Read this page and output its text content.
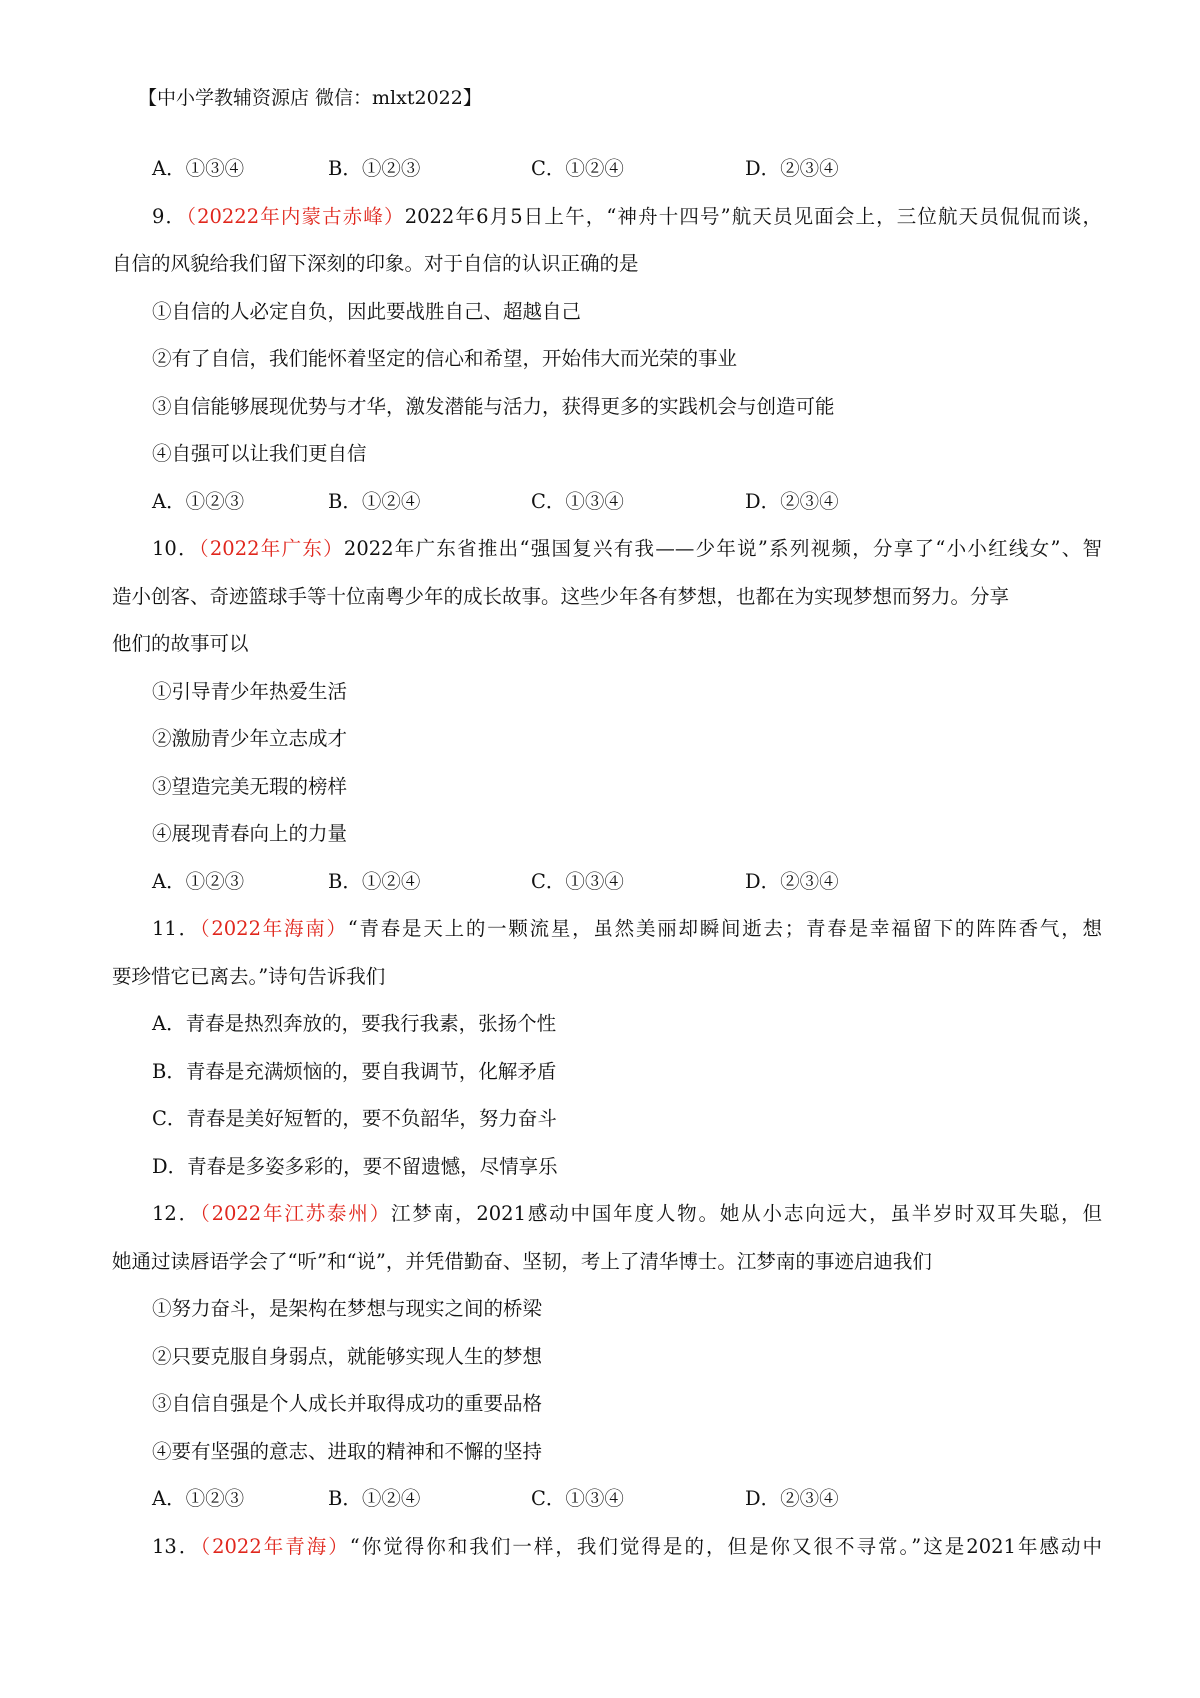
【中小学教辅资源店 微信：mlxt2022】
A．①③④	B．①②③	C．①②④	D．②③④
9．（20222年内蒙古赤峰）2022年6月5日上午，“神舟十四号”航天员见面会上，三位航天员侃侃而谈，
自信的风貌给我们留下深刻的印象。对于自信的认识正确的是
①自信的人必定自负，因此要战胜自己、超越自己
②有了自信，我们能怀着坚定的信心和希望，开始伟大而光荣的事业
③自信能够展现优势与才华，激发潜能与活力，获得更多的实践机会与创造可能
④自强可以让我们更自信
A．①②③	B．①②④	C．①③④	D．②③④
10．（2022年广东）2022年广东省推出“强国复兴有我——少年说”系列视频，分享了“小小红线女”、智
造小创客、奇迹篮球手等十位南粤少年的成长故事。这些少年各有梦想，也都在为实现梦想而努力。分享
他们的故事可以
①引导青少年热爱生活
②激励青少年立志成才
③望造完美无瑕的榜样
④展现青春向上的力量
A．①②③	B．①②④	C．①③④	D．②③④
11．（2022年海南）“青春是天上的一颗流星，虽然美丽却瞬间逝去；青春是幸福留下的阵阵香气，想
要珍惜它已离去。”诗句告诉我们
A．青春是热烈奔放的，要我行我素，张扬个性
B．青春是充满烦恼的，要自我调节，化解矛盾
C．青春是美好短暂的，要不负韶华，努力奋斗
D．青春是多姿多彩的，要不留遗憾，尽情享乐
12．（2022年江苏泰州）江梦南，2021感动中国年度人物。她从小志向远大，虽半岁时双耳失聪，但
她通过读唇语学会了“听”和“说”，并凭借勤奋、坚韧，考上了清华博士。江梦南的事迹启迪我们
①努力奋斗，是架构在梦想与现实之间的桥梁
②只要克服自身弱点，就能够实现人生的梦想
③自信自强是个人成长并取得成功的重要品格
④要有坚强的意志、进取的精神和不懈的坚持
A．①②③	B．①②④	C．①③④	D．②③④
13．（2022年青海）“你觉得你和我们一样，我们觉得是的，但是你又很不寻常。”这是2021年感动中
